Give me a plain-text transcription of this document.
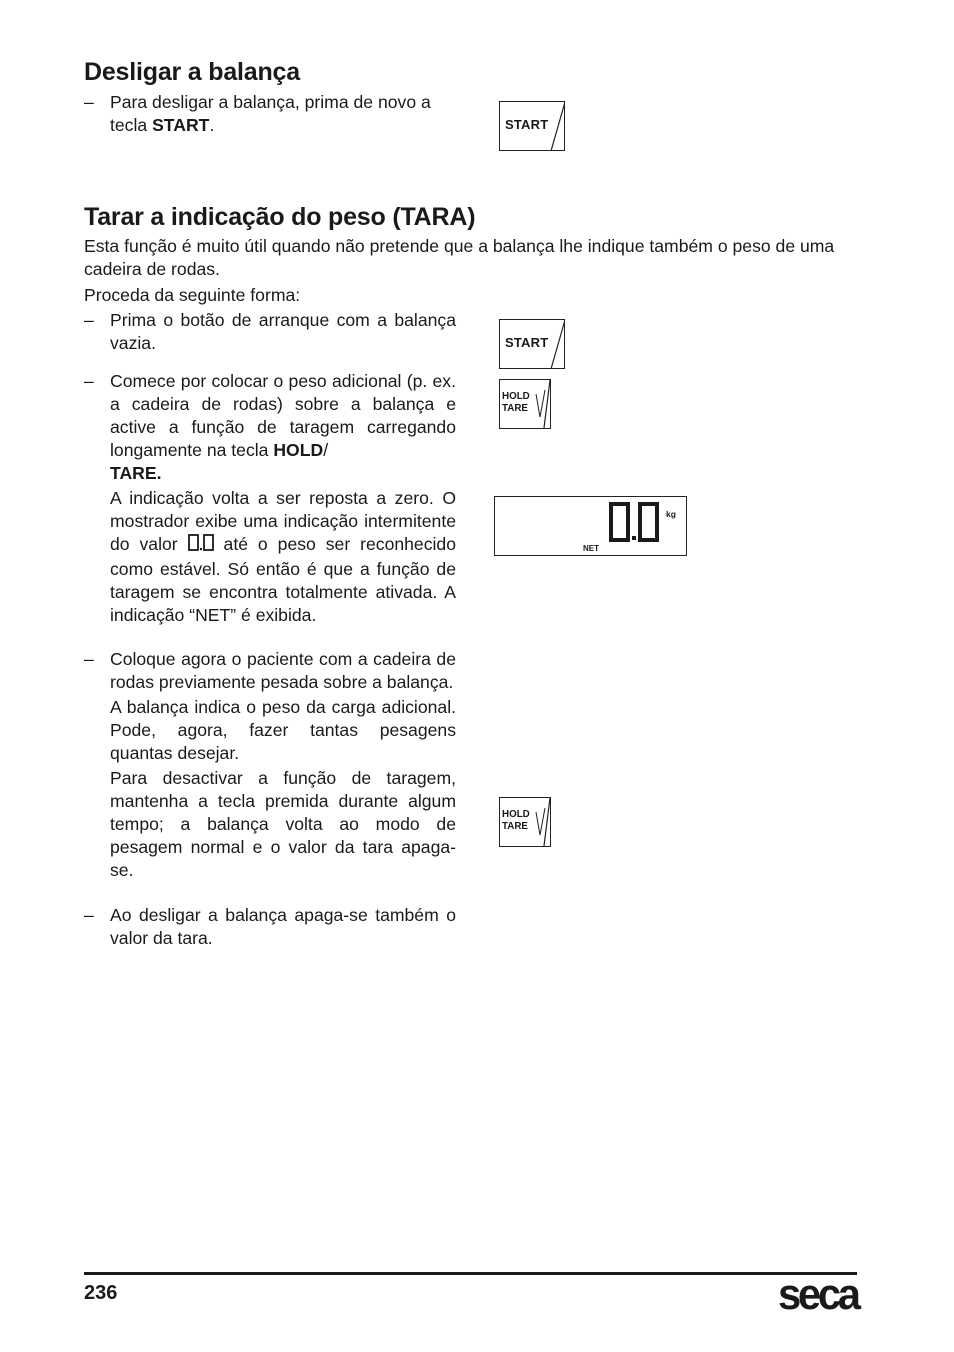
Desligar a balança
– Para desligar a balança, prima de novo a tecla START.	START
Tarar a indicação do peso (TARA)
Esta função é muito útil quando não pretende que a balança lhe indique também o peso de uma cadeira de rodas.
Proceda da seguinte forma:
– Prima o botão de arranque com a balança vazia.	START
– Comece por colocar o peso adicional (p. ex. a cadeira de rodas) sobre a balança e active a função de taragem carregando longamente na tecla HOLD/
TARE.
A indicação volta a ser reposta a zero. O mostrador exibe uma indicação intermitente do valor  até o peso ser reconhecido como estável. Só então é que a função de taragem se encontra totalmente ativada. A indicação “NET” é exibida.
HOLD
TARE
kg
NET
– Coloque agora o paciente com a cadeira de rodas previamente pesada sobre a balança.
A balança indica o peso da carga adicional. Pode, agora, fazer tantas pesagens quantas desejar.
Para desactivar a função de taragem, mantenha a tecla premida durante algum tempo; a balança volta ao modo de pesagem normal e o valor da tara apaga-se.
HOLD
TARE
– Ao desligar a balança apaga-se também o valor da tara.
236	seca
